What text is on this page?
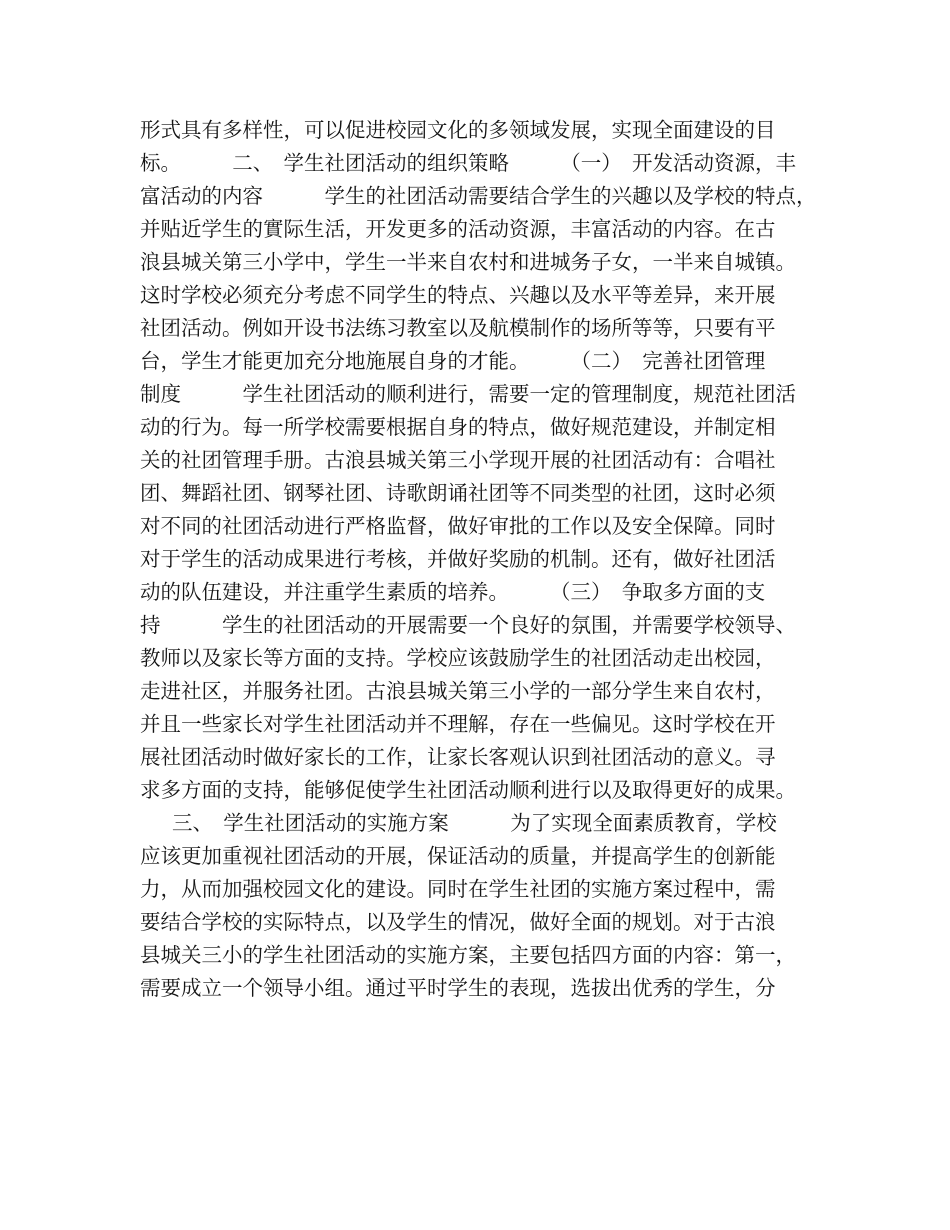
形式具有多样性，可以促进校园文化的多领域发展，实现全面建设的目
标。　　　二、　学生社团活动的组织策略　　　（一）　开发活动资源，丰
富活动的内容　　　学生的社团活动需要结合学生的兴趣以及学校的特点，
并贴近学生的實际生活，开发更多的活动资源，丰富活动的内容。在古
浪县城关第三小学中，学生一半来自农村和进城务子女，一半来自城镇。
这时学校必须充分考虑不同学生的特点、兴趣以及水平等差异，来开展
社团活动。例如开设书法练习教室以及航模制作的场所等等，只要有平
台，学生才能更加充分地施展自身的才能。　　　（二）　完善社团管理
制度　　　学生社团活动的顺利进行，需要一定的管理制度，规范社团活
动的行为。每一所学校需要根据自身的特点，做好规范建设，并制定相
关的社团管理手册。古浪县城关第三小学现开展的社团活动有：合唱社
团、舞蹈社团、钢琴社团、诗歌朗诵社团等不同类型的社团，这时必须
对不同的社团活动进行严格监督，做好审批的工作以及安全保障。同时
对于学生的活动成果进行考核，并做好奖励的机制。还有，做好社团活
动的队伍建设，并注重学生素质的培养。　　　（三）　争取多方面的支
持　　　学生的社团活动的开展需要一个良好的氛围，并需要学校领导、
教师以及家长等方面的支持。学校应该鼓励学生的社团活动走出校园，
走进社区，并服务社团。古浪县城关第三小学的一部分学生来自农村，
并且一些家长对学生社团活动并不理解，存在一些偏见。这时学校在开
展社团活动时做好家长的工作，让家长客观认识到社团活动的意义。寻
求多方面的支持，能够促使学生社团活动顺利进行以及取得更好的成果。
三、　学生社团活动的实施方案　　　为了实现全面素质教育，学校
应该更加重视社团活动的开展，保证活动的质量，并提高学生的创新能
力，从而加强校园文化的建设。同时在学生社团的实施方案过程中，需
要结合学校的实际特点，以及学生的情况，做好全面的规划。对于古浪
县城关三小的学生社团活动的实施方案，主要包括四方面的内容：第一，
需要成立一个领导小组。通过平时学生的表现，选拔出优秀的学生，分
